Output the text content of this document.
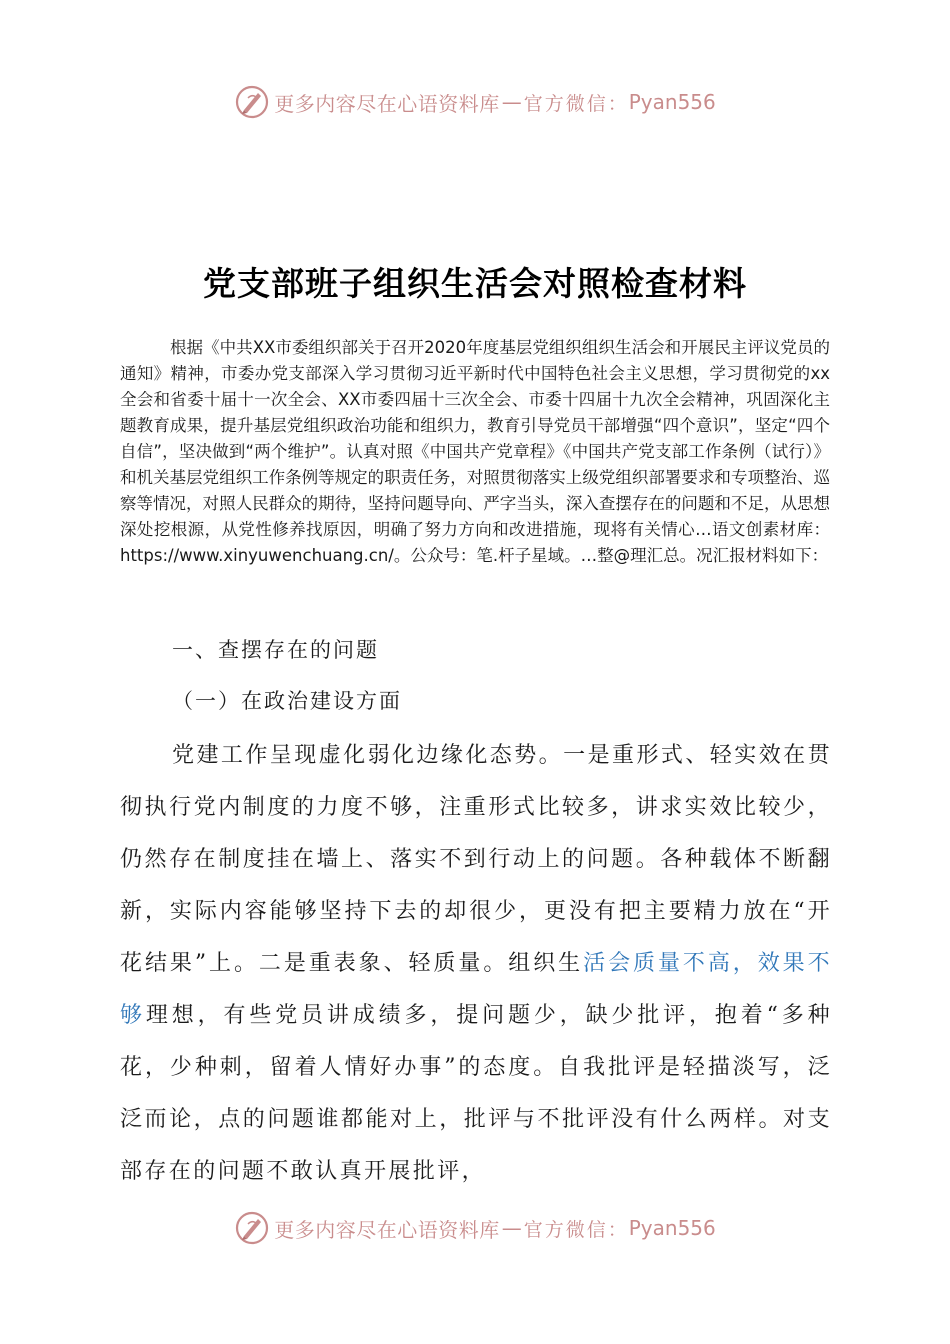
更多内容尽在心语资料库 — 官方微信： Pyan556
党支部班子组织生活会对照检查材料

根据《中共XX市委组织部关于召开2020年度基层党组织组织生活会和开展民主评议党员的通知》精神，市委办党支部深入学习贯彻习近平新时代中国特色社会主义思想，学习贯彻党的xx全会和省委十届十一次全会、XX市委四届十三次全会、市委十四届十九次全会精神，巩固深化主题教育成果，提升基层党组织政治功能和组织力，教育引导党员干部增强“四个意识”，坚定“四个自信”，坚决做到“两个维护”。认真对照《中国共产党章程》《中国共产党支部工作条例（试行）》和机关基层党组织工作条例等规定的职责任务，对照贯彻落实上级党组织部署要求和专项整治、巡察等情况，对照人民群众的期待，坚持问题导向、严字当头，深入查摆存在的问题和不足，从思想深处挖根源，从党性修养找原因，明确了努力方向和改进措施，现将有关情心…语文创素材库：https://www.xinyuwenchuang.cn/。公众号：笔.杆子星域。…整@理汇总。况汇报材料如下：

一、查摆存在的问题

（一）在政治建设方面

党建工作呈现虚化弱化边缘化态势。一是重形式、轻实效在贯彻执行党内制度的力度不够，注重形式比较多，讲求实效比较少，仍然存在制度挂在墙上、落实不到行动上的问题。各种载体不断翻新，实际内容能够坚持下去的却很少，更没有把主要精力放在“开花结果”上。二是重表象、轻质量。组织生活会质量不高，效果不够理想，有些党员讲成绩多，提问题少，缺少批评，抱着“多种花，少种刺，留着人情好办事”的态度。自我批评是轻描淡写，泛泛而论，点的问题谁都能对上，批评与不批评没有什么两样。对支部存在的问题不敢认真开展批评，

更多内容尽在心语资料库 — 官方微信： Pyan556
